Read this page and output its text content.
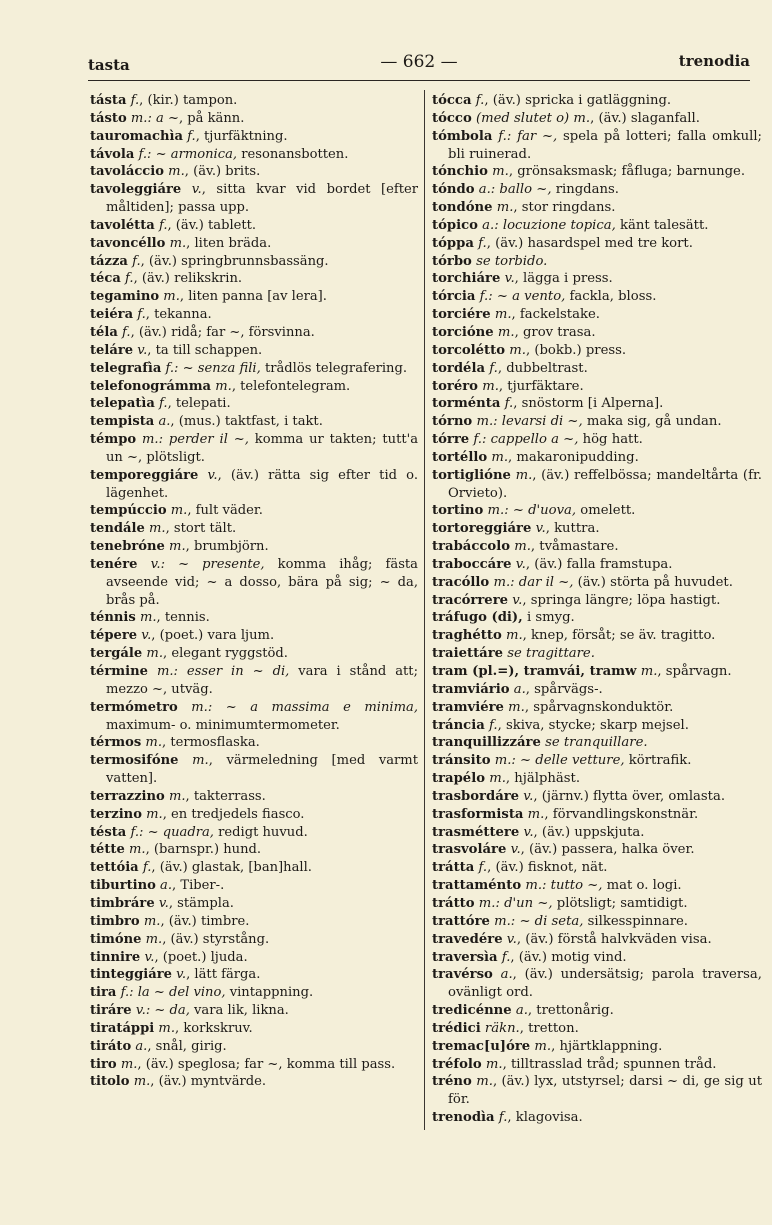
tasta	— 662 —	trenodia

tásta f., (kir.) tampon.

tásto m.: a ~, på känn.

tauromachìa f., tjurfäktning.

távola f.: ~ armonica, resonansbotten.

tavoláccio m., (äv.) brits.

tavoleggiáre v., sitta kvar vid bordet [efter måltiden]; passa upp.

tavolétta f., (äv.) tablett.

tavoncéllo m., liten bräda.

tázza f., (äv.) springbrunnsbassäng.

téca f., (äv.) relikskrin.

tegamino m., liten panna [av lera].

teiéra f., tekanna.

téla f., (äv.) ridå; far ~, försvinna.

teláre v., ta till schappen.

telegrafìa f.: ~ senza fili, trådlös telegrafering.

telefonográmma m., telefontelegram.

telepatìa f., telepati.

tempista a., (mus.) taktfast, i takt.

témpo m.: perder il ~, komma ur takten; tutt'a un ~, plötsligt.

temporeggiáre v., (äv.) rätta sig efter tid o. lägenhet.

tempúccio m., fult väder.

tendále m., stort tält.

tenebróne m., brumbjörn.

tenére v.: ~ presente, komma ihåg; fästa avseende vid; ~ a dosso, bära på sig; ~ da, brås på.

ténnis m., tennis.

tépere v., (poet.) vara ljum.

tergále m., elegant ryggstöd.

términe m.: esser in ~ di, vara i stånd att; mezzo ~, utväg.

termómetro m.: ~ a massima e minima, maximum- o. minimumtermometer.

térmos m., termosflaska.

termosifóne m., värmeledning [med varmt vatten].

terrazzino m., takterrass.

terzino m., en tredjedels fiasco.

tésta f.: ~ quadra, redigt huvud.

tétte m., (barnspr.) hund.

tettóia f., (äv.) glastak, [ban]hall.

tiburtino a., Tiber-.

timbráre v., stämpla.

timbro m., (äv.) timbre.

timóne m., (äv.) styrstång.

tinnire v., (poet.) ljuda.

tinteggiáre v., lätt färga.

tira f.: la ~ del vino, vintappning.

tiráre v.: ~ da, vara lik, likna.

tiratáppi m., korkskruv.

tiráto a., snål, girig.

tiro m., (äv.) speglosa; far ~, komma till pass.

titolo m., (äv.) myntvärde.

tócca f., (äv.) spricka i gatläggning.

tócco (med slutet o) m., (äv.) slaganfall.

tómbola f.: far ~, spela på lotteri; falla omkull; bli ruinerad.

tónchio m., grönsaksmask; fåfluga; barnunge.

tóndo a.: ballo ~, ringdans.

tondóne m., stor ringdans.

tópico a.: locuzione topica, känt talesätt.

tóppa f., (äv.) hasardspel med tre kort.

tórbo se torbido.

torchiáre v., lägga i press.

tórcia f.: ~ a vento, fackla, bloss.

torciére m., fackelstake.

torcióne m., grov trasa.

torcolétto m., (bokb.) press.

tordéla f., dubbeltrast.

toréro m., tjurfäktare.

torménta f., snöstorm [i Alperna].

tórno m.: levarsi di ~, maka sig, gå undan.

tórre f.: cappello a ~, hög hatt.

tortéllo m., makaronipudding.

tortiglióne m., (äv.) reffelbössa; mandeltårta (fr. Orvieto).

tortino m.: ~ d'uova, omelett.

tortoreggiáre v., kuttra.

trabáccolo m., tvåmastare.

traboccáre v., (äv.) falla framstupa.

tracóllo m.: dar il ~, (äv.) störta på huvudet.

tracórrere v., springa längre; löpa hastigt.

tráfugo (di), i smyg.

traghétto m., knep, försåt; se äv. tragitto.

traiettáre se tragittare.

tram (pl.=), tramvái, tramw m., spårvagn.

tramviário a., spårvägs-.

tramviére m., spårvagnskonduktör.

tráncia f., skiva, stycke; skarp mejsel.

tranquillizzáre se tranquillare.

tránsito m.: ~ delle vetture, körtrafik.

trapélo m., hjälphäst.

trasbordáre v., (järnv.) flytta över, omlasta.

trasformista m., förvandlingskonstnär.

trasméttere v., (äv.) uppskjuta.

trasvoláre v., (äv.) passera, halka över.

trátta f., (äv.) fisknot, nät.

trattaménto m.: tutto ~, mat o. logi.

trátto m.: d'un ~, plötsligt; samtidigt.

trattóre m.: ~ di seta, silkesspinnare.

travedére v., (äv.) förstå halvkväden visa.

traversìa f., (äv.) motig vind.

travérso a., (äv.) undersätsig; parola traversa, ovänligt ord.

tredicénne a., trettonårig.

trédici räkn., tretton.

tremac[u]óre m., hjärtklappning.

tréfolo m., tilltrasslad tråd; spunnen tråd.

tréno m., (äv.) lyx, utstyrsel; darsi ~ di, ge sig ut för.

trenodìa f., klagovisa.
